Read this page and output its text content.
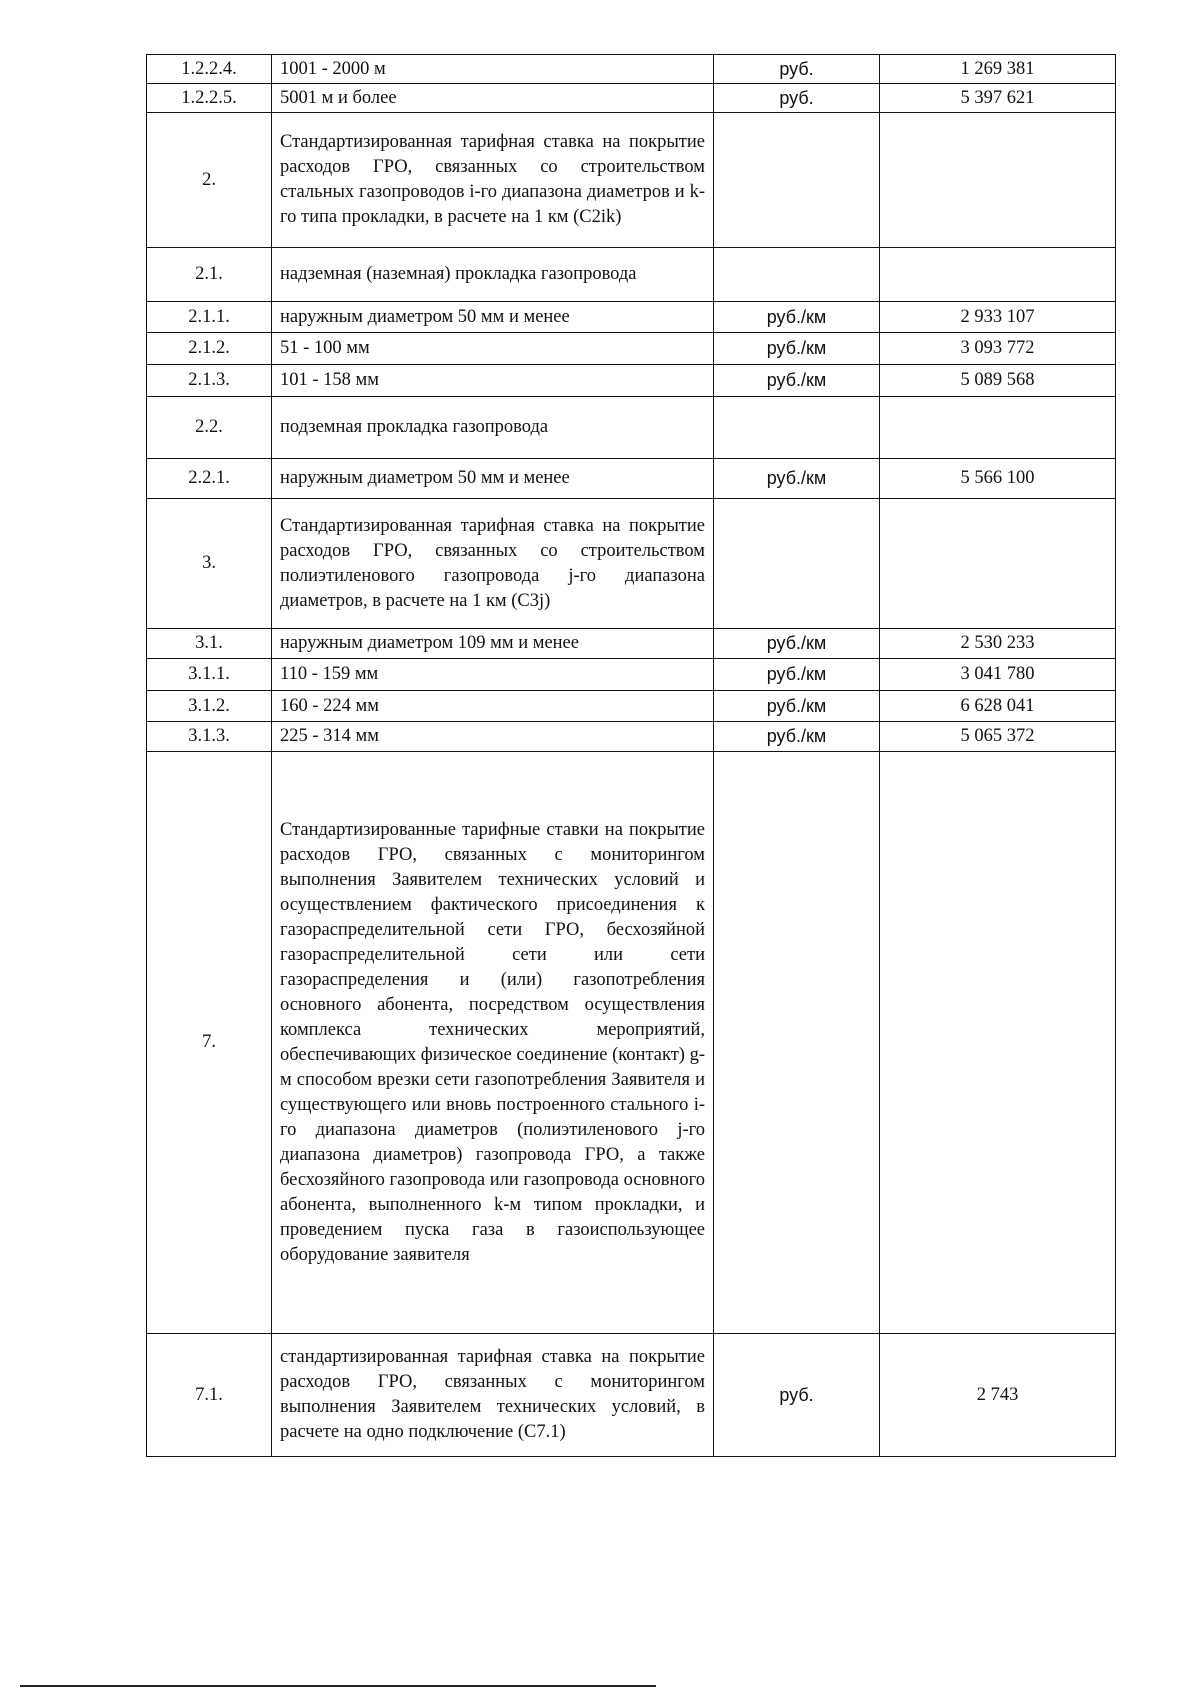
1.2.2.4.	1001 - 2000 м	руб.	1 269 381
1.2.2.5.	5001 м и более	руб.	5 397 621
2.	Стандартизированная тарифная ставка на покрытие расходов ГРО, связанных со строительством стальных газопроводов i-го диапазона диаметров и k-го типа прокладки, в расчете на 1 км (C2ik)		
2.1.	надземная (наземная) прокладка газопровода		
2.1.1.	наружным диаметром 50 мм и менее	руб./км	2 933 107
2.1.2.	51 - 100 мм	руб./км	3 093 772
2.1.3.	101 - 158 мм	руб./км	5 089 568
2.2.	подземная прокладка газопровода		
2.2.1.	наружным диаметром 50 мм и менее	руб./км	5 566 100
3.	Стандартизированная тарифная ставка на покрытие расходов ГРО, связанных со строительством полиэтиленового газопровода j-го диапазона диаметров, в расчете на 1 км (C3j)		
3.1.	наружным диаметром 109 мм и менее	руб./км	2 530 233
3.1.1.	110 - 159 мм	руб./км	3 041 780
3.1.2.	160 - 224 мм	руб./км	6 628 041
3.1.3.	225 - 314 мм	руб./км	5 065 372
7.	Стандартизированные тарифные ставки на покрытие расходов ГРО, связанных с мониторингом выполнения Заявителем технических условий и осуществлением фактического присоединения к газораспределительной сети ГРО, бесхозяйной газораспределительной сети или сети газораспределения и (или) газопотребления основного абонента, посредством осуществления комплекса технических мероприятий, обеспечивающих физическое соединение (контакт) g-м способом врезки сети газопотребления Заявителя и существующего или вновь построенного стального i-го диапазона диаметров (полиэтиленового j-го диапазона диаметров) газопровода ГРО, а также бесхозяйного газопровода или газопровода основного абонента, выполненного k-м типом прокладки, и проведением пуска газа в газоиспользующее оборудование заявителя		
7.1.	стандартизированная тарифная ставка на покрытие расходов ГРО, связанных с мониторингом выполнения Заявителем технических условий, в расчете на одно подключение (C7.1)	руб.	2 743
